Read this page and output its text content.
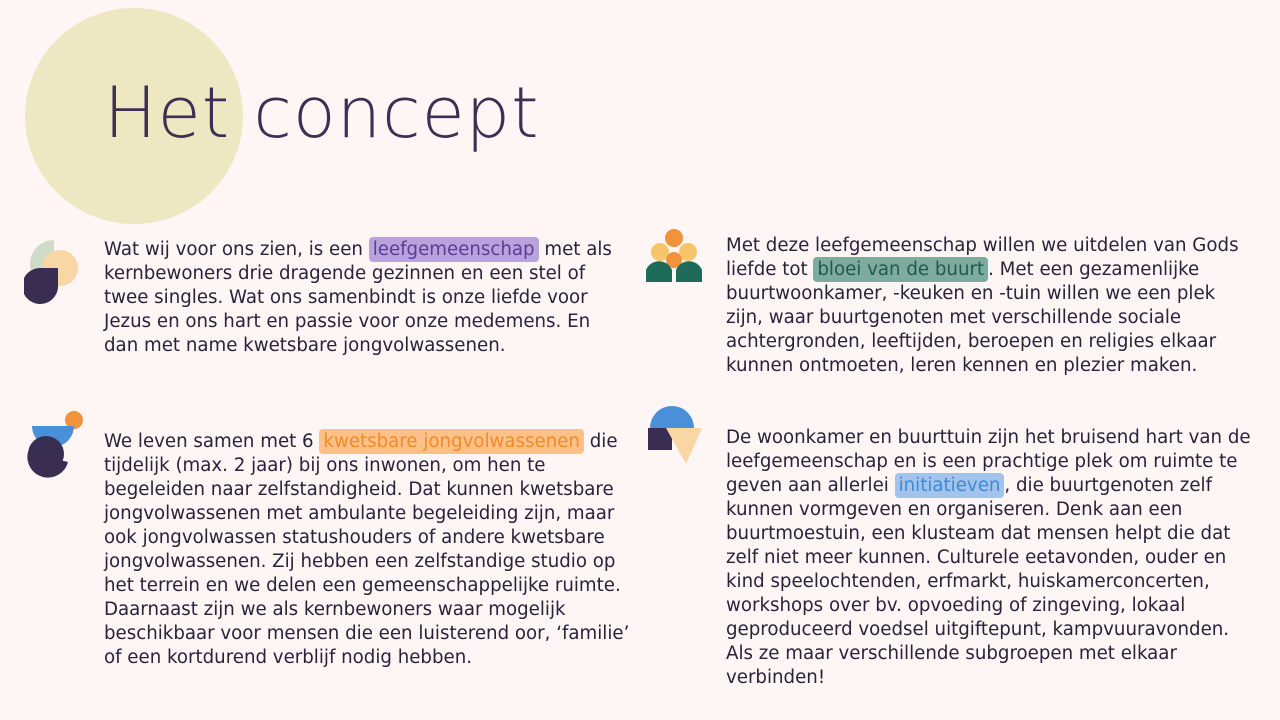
Het concept

Wat wij voor ons zien, is een leefgemeenschap met als kernbewoners drie dragende gezinnen en een stel of twee singles. Wat ons samenbindt is onze liefde voor Jezus en ons hart en passie voor onze medemens. En dan met name kwetsbare jongvolwassenen.

We leven samen met 6 kwetsbare jongvolwassenen die tijdelijk (max. 2 jaar) bij ons inwonen, om hen te begeleiden naar zelfstandigheid. Dat kunnen kwetsbare jongvolwassenen met ambulante begeleiding zijn, maar ook jongvolwassen statushouders of andere kwetsbare jongvolwassenen. Zij hebben een zelfstandige studio op het terrein en we delen een gemeenschappelijke ruimte. Daarnaast zijn we als kernbewoners waar mogelijk beschikbaar voor mensen die een luisterend oor, ‘familie’ of een kortdurend verblijf nodig hebben.

Met deze leefgemeenschap willen we uitdelen van Gods liefde tot bloei van de buurt . Met een gezamenlijke buurtwoonkamer, -keuken en -tuin willen we een plek zijn, waar buurtgenoten met verschillende sociale achtergronden, leeftijden, beroepen en religies elkaar kunnen ontmoeten, leren kennen en plezier maken.

De woonkamer en buurttuin zijn het bruisend hart van de leefgemeenschap en is een prachtige plek om ruimte te geven aan allerlei initiatieven , die buurtgenoten zelf kunnen vormgeven en organiseren. Denk aan een buurtmoestuin, een klusteam dat mensen helpt die dat zelf niet meer kunnen. Culturele eetavonden, ouder en kind speelochtenden, erfmarkt, huiskamerconcerten, workshops over bv. opvoeding of zingeving, lokaal geproduceerd voedsel uitgiftepunt, kampvuuravonden. Als ze maar verschillende subgroepen met elkaar verbinden!
